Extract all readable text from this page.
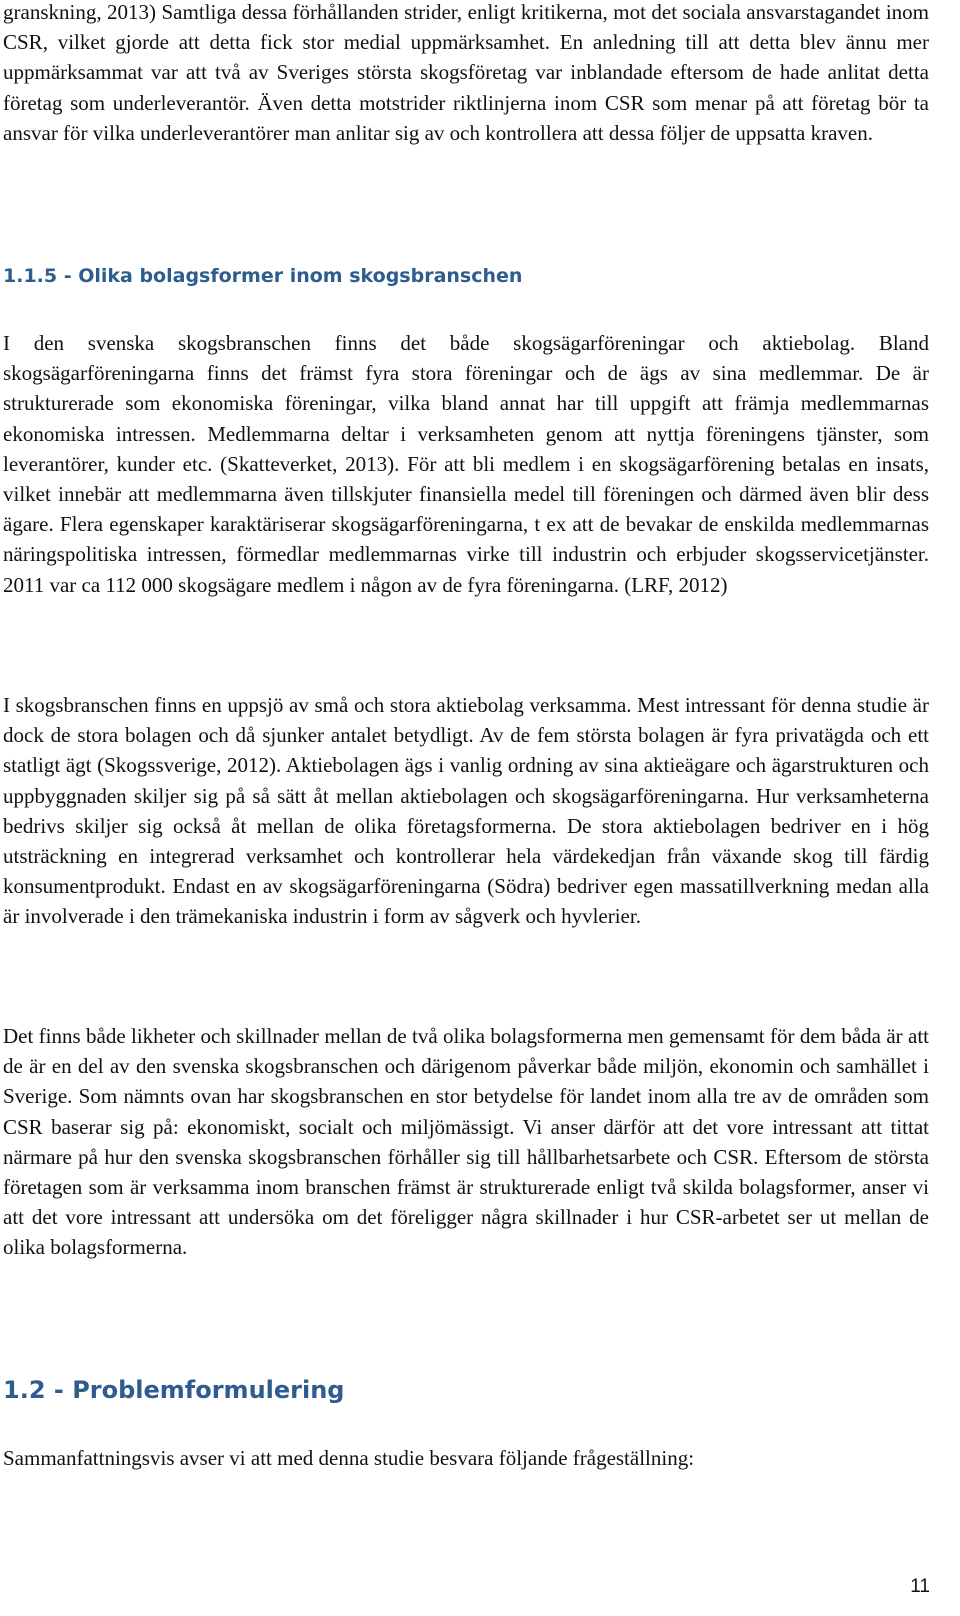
granskning, 2013) Samtliga dessa förhållanden strider, enligt kritikerna, mot det sociala ansvarstagandet inom CSR, vilket gjorde att detta fick stor medial uppmärksamhet. En anledning till att detta blev ännu mer uppmärksammat var att två av Sveriges största skogsföretag var inblandade eftersom de hade anlitat detta företag som underleverantör. Även detta motstrider riktlinjerna inom CSR som menar på att företag bör ta ansvar för vilka underleverantörer man anlitar sig av och kontrollera att dessa följer de uppsatta kraven.

1.1.5 - Olika bolagsformer inom skogsbranschen

I den svenska skogsbranschen finns det både skogsägarföreningar och aktiebolag. Bland skogsägarföreningarna finns det främst fyra stora föreningar och de ägs av sina medlemmar. De är strukturerade som ekonomiska föreningar, vilka bland annat har till uppgift att främja medlemmarnas ekonomiska intressen. Medlemmarna deltar i verksamheten genom att nyttja föreningens tjänster, som leverantörer, kunder etc. (Skatteverket, 2013). För att bli medlem i en skogsägarförening betalas en insats, vilket innebär att medlemmarna även tillskjuter finansiella medel till föreningen och därmed även blir dess ägare. Flera egenskaper karaktäriserar skogsägarföreningarna, t ex att de bevakar de enskilda medlemmarnas näringspolitiska intressen, förmedlar medlemmarnas virke till industrin och erbjuder skogsservicetjänster. 2011 var ca 112 000 skogsägare medlem i någon av de fyra föreningarna. (LRF, 2012)

I skogsbranschen finns en uppsjö av små och stora aktiebolag verksamma. Mest intressant för denna studie är dock de stora bolagen och då sjunker antalet betydligt. Av de fem största bolagen är fyra privatägda och ett statligt ägt (Skogssverige, 2012). Aktiebolagen ägs i vanlig ordning av sina aktieägare och ägarstrukturen och uppbyggnaden skiljer sig på så sätt åt mellan aktiebolagen och skogsägarföreningarna. Hur verksamheterna bedrivs skiljer sig också åt mellan de olika företagsformerna. De stora aktiebolagen bedriver en i hög utsträckning en integrerad verksamhet och kontrollerar hela värdekedjan från växande skog till färdig konsumentprodukt. Endast en av skogsägarföreningarna (Södra) bedriver egen massatillverkning medan alla är involverade i den trämekaniska industrin i form av sågverk och hyvlerier.

Det finns både likheter och skillnader mellan de två olika bolagsformerna men gemensamt för dem båda är att de är en del av den svenska skogsbranschen och därigenom påverkar både miljön, ekonomin och samhället i Sverige. Som nämnts ovan har skogsbranschen en stor betydelse för landet inom alla tre av de områden som CSR baserar sig på: ekonomiskt, socialt och miljömässigt. Vi anser därför att det vore intressant att tittat närmare på hur den svenska skogsbranschen förhåller sig till hållbarhetsarbete och CSR. Eftersom de största företagen som är verksamma inom branschen främst är strukturerade enligt två skilda bolagsformer, anser vi att det vore intressant att undersöka om det föreligger några skillnader i hur CSR-arbetet ser ut mellan de olika bolagsformerna.

1.2 - Problemformulering

Sammanfattningsvis avser vi att med denna studie besvara följande frågeställning:

11
